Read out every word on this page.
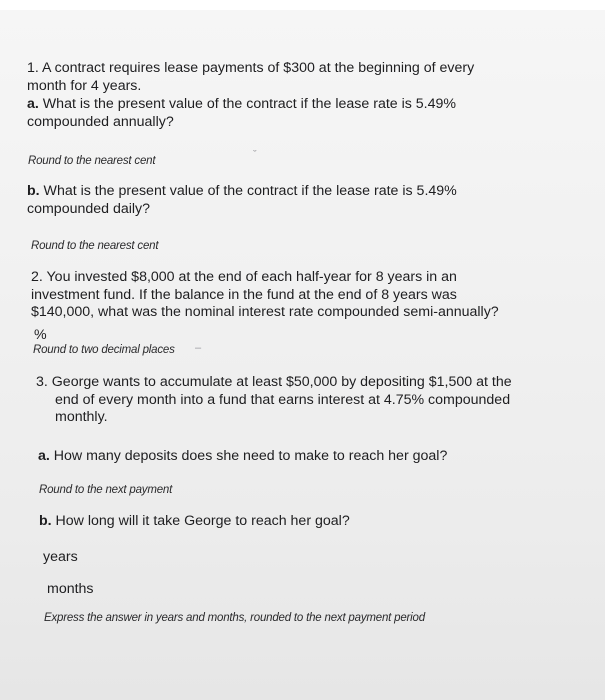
1. A contract requires lease payments of $300 at the beginning of every
month for 4 years.
a. What is the present value of the contract if the lease rate is 5.49%
compounded annually?
Round to the nearest cent	ˇ
b. What is the present value of the contract if the lease rate is 5.49%
compounded daily?
Round to the nearest cent
2. You invested $8,000 at the end of each half-year for 8 years in an
investment fund. If the balance in the fund at the end of 8 years was
$140,000, what was the nominal interest rate compounded semi-annually?
%
Round to two decimal places –
3. George wants to accumulate at least $50,000 by depositing $1,500 at the
end of every month into a fund that earns interest at 4.75% compounded
monthly.
a. How many deposits does she need to make to reach her goal?
Round to the next payment
b. How long will it take George to reach her goal?
years
months
Express the answer in years and months, rounded to the next payment period
